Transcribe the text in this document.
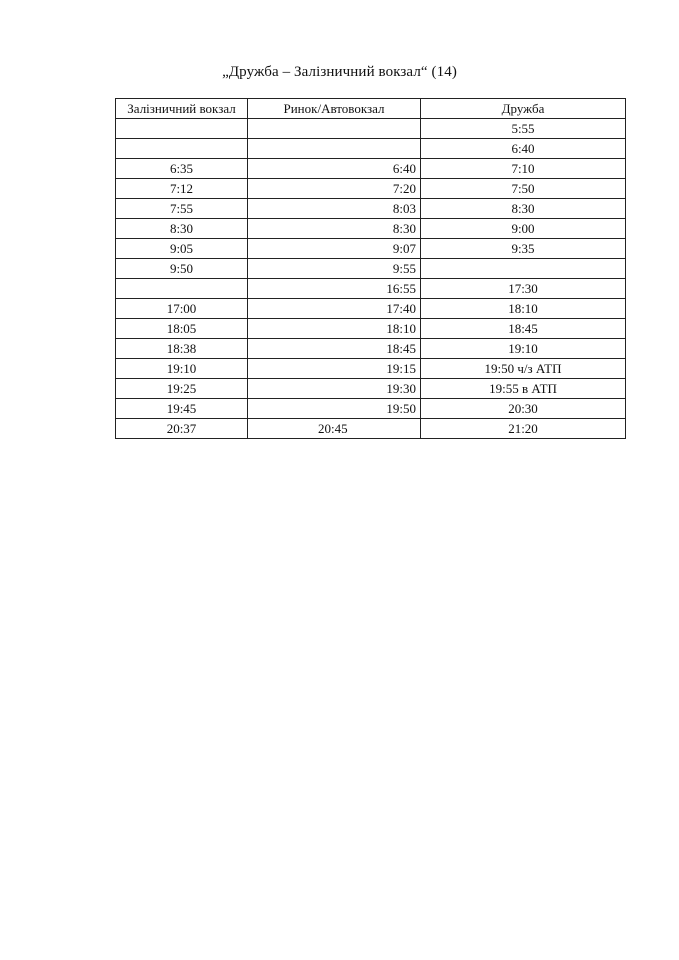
„Дружба – Залізничний вокзал“ (14)
Залізничний вокзал	Ринок/Автовокзал	Дружба
		5:55
		6:40
6:35	6:40	7:10
7:12	7:20	7:50
7:55	8:03	8:30
8:30	8:30	9:00
9:05	9:07	9:35
9:50	9:55	
	16:55	17:30
17:00	17:40	18:10
18:05	18:10	18:45
18:38	18:45	19:10
19:10	19:15	19:50 ч/з АТП
19:25	19:30	19:55 в АТП
19:45	19:50	20:30
20:37	20:45	21:20
